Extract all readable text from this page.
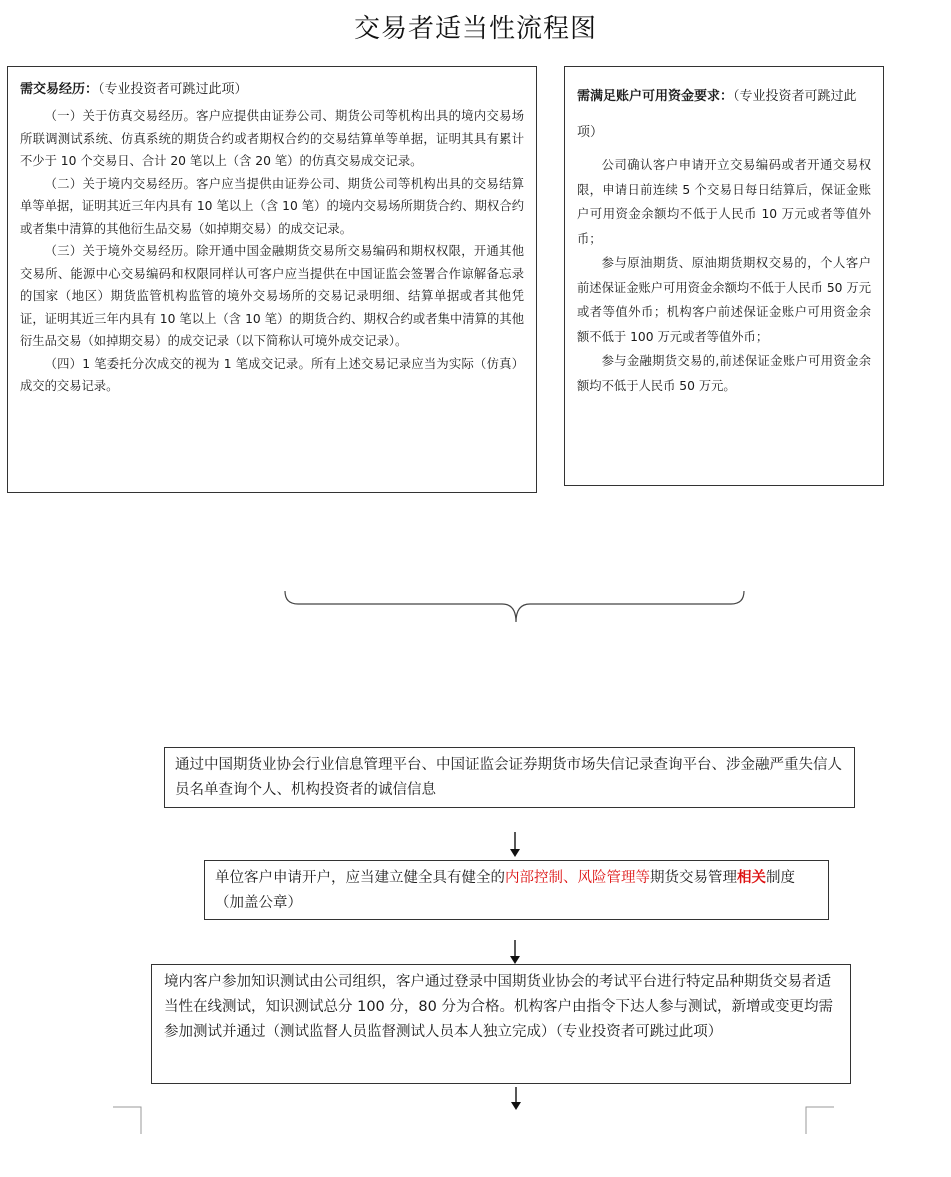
交易者适当性流程图

需交易经历：（专业投资者可跳过此项）

（一）关于仿真交易经历。客户应提供由证券公司、期货公司等机构出具的境内交易场所联调测试系统、仿真系统的期货合约或者期权合约的交易结算单等单据，证明其具有累计不少于 10 个交易日、合计 20 笔以上（含 20 笔）的仿真交易成交记录。

（二）关于境内交易经历。客户应当提供由证券公司、期货公司等机构出具的交易结算单等单据，证明其近三年内具有 10 笔以上（含 10 笔）的境内交易场所期货合约、期权合约或者集中清算的其他衍生品交易（如掉期交易）的成交记录。

（三）关于境外交易经历。除开通中国金融期货交易所交易编码和期权权限，开通其他交易所、能源中心交易编码和权限同样认可客户应当提供在中国证监会签署合作谅解备忘录的国家（地区）期货监管机构监管的境外交易场所的交易记录明细、结算单据或者其他凭证，证明其近三年内具有 10 笔以上（含 10 笔）的期货合约、期权合约或者集中清算的其他衍生品交易（如掉期交易）的成交记录（以下简称认可境外成交记录）。

（四）1 笔委托分次成交的视为 1 笔成交记录。所有上述交易记录应当为实际（仿真）成交的交易记录。

需满足账户可用资金要求：（专业投资者可跳过此项）

公司确认客户申请开立交易编码或者开通交易权限，申请日前连续 5 个交易日每日结算后，保证金账户可用资金余额均不低于人民币 10 万元或者等值外币；

参与原油期货、原油期货期权交易的，个人客户前述保证金账户可用资金余额均不低于人民币 50 万元或者等值外币；机构客户前述保证金账户可用资金余额不低于 100 万元或者等值外币；

参与金融期货交易的,前述保证金账户可用资金余额均不低于人民币 50 万元。

通过中国期货业协会行业信息管理平台、中国证监会证券期货市场失信记录查询平台、涉金融严重失信人员名单查询个人、机构投资者的诚信信息
单位客户申请开户，应当建立健全具有健全的内部控制、风险管理等期货交易管理相关制度（加盖公章）
境内客户参加知识测试由公司组织，客户通过登录中国期货业协会的考试平台进行特定品种期货交易者适当性在线测试，知识测试总分 100 分，80 分为合格。机构客户由指令下达人参与测试，新增或变更均需参加测试并通过（测试监督人员监督测试人员本人独立完成）（专业投资者可跳过此项）
